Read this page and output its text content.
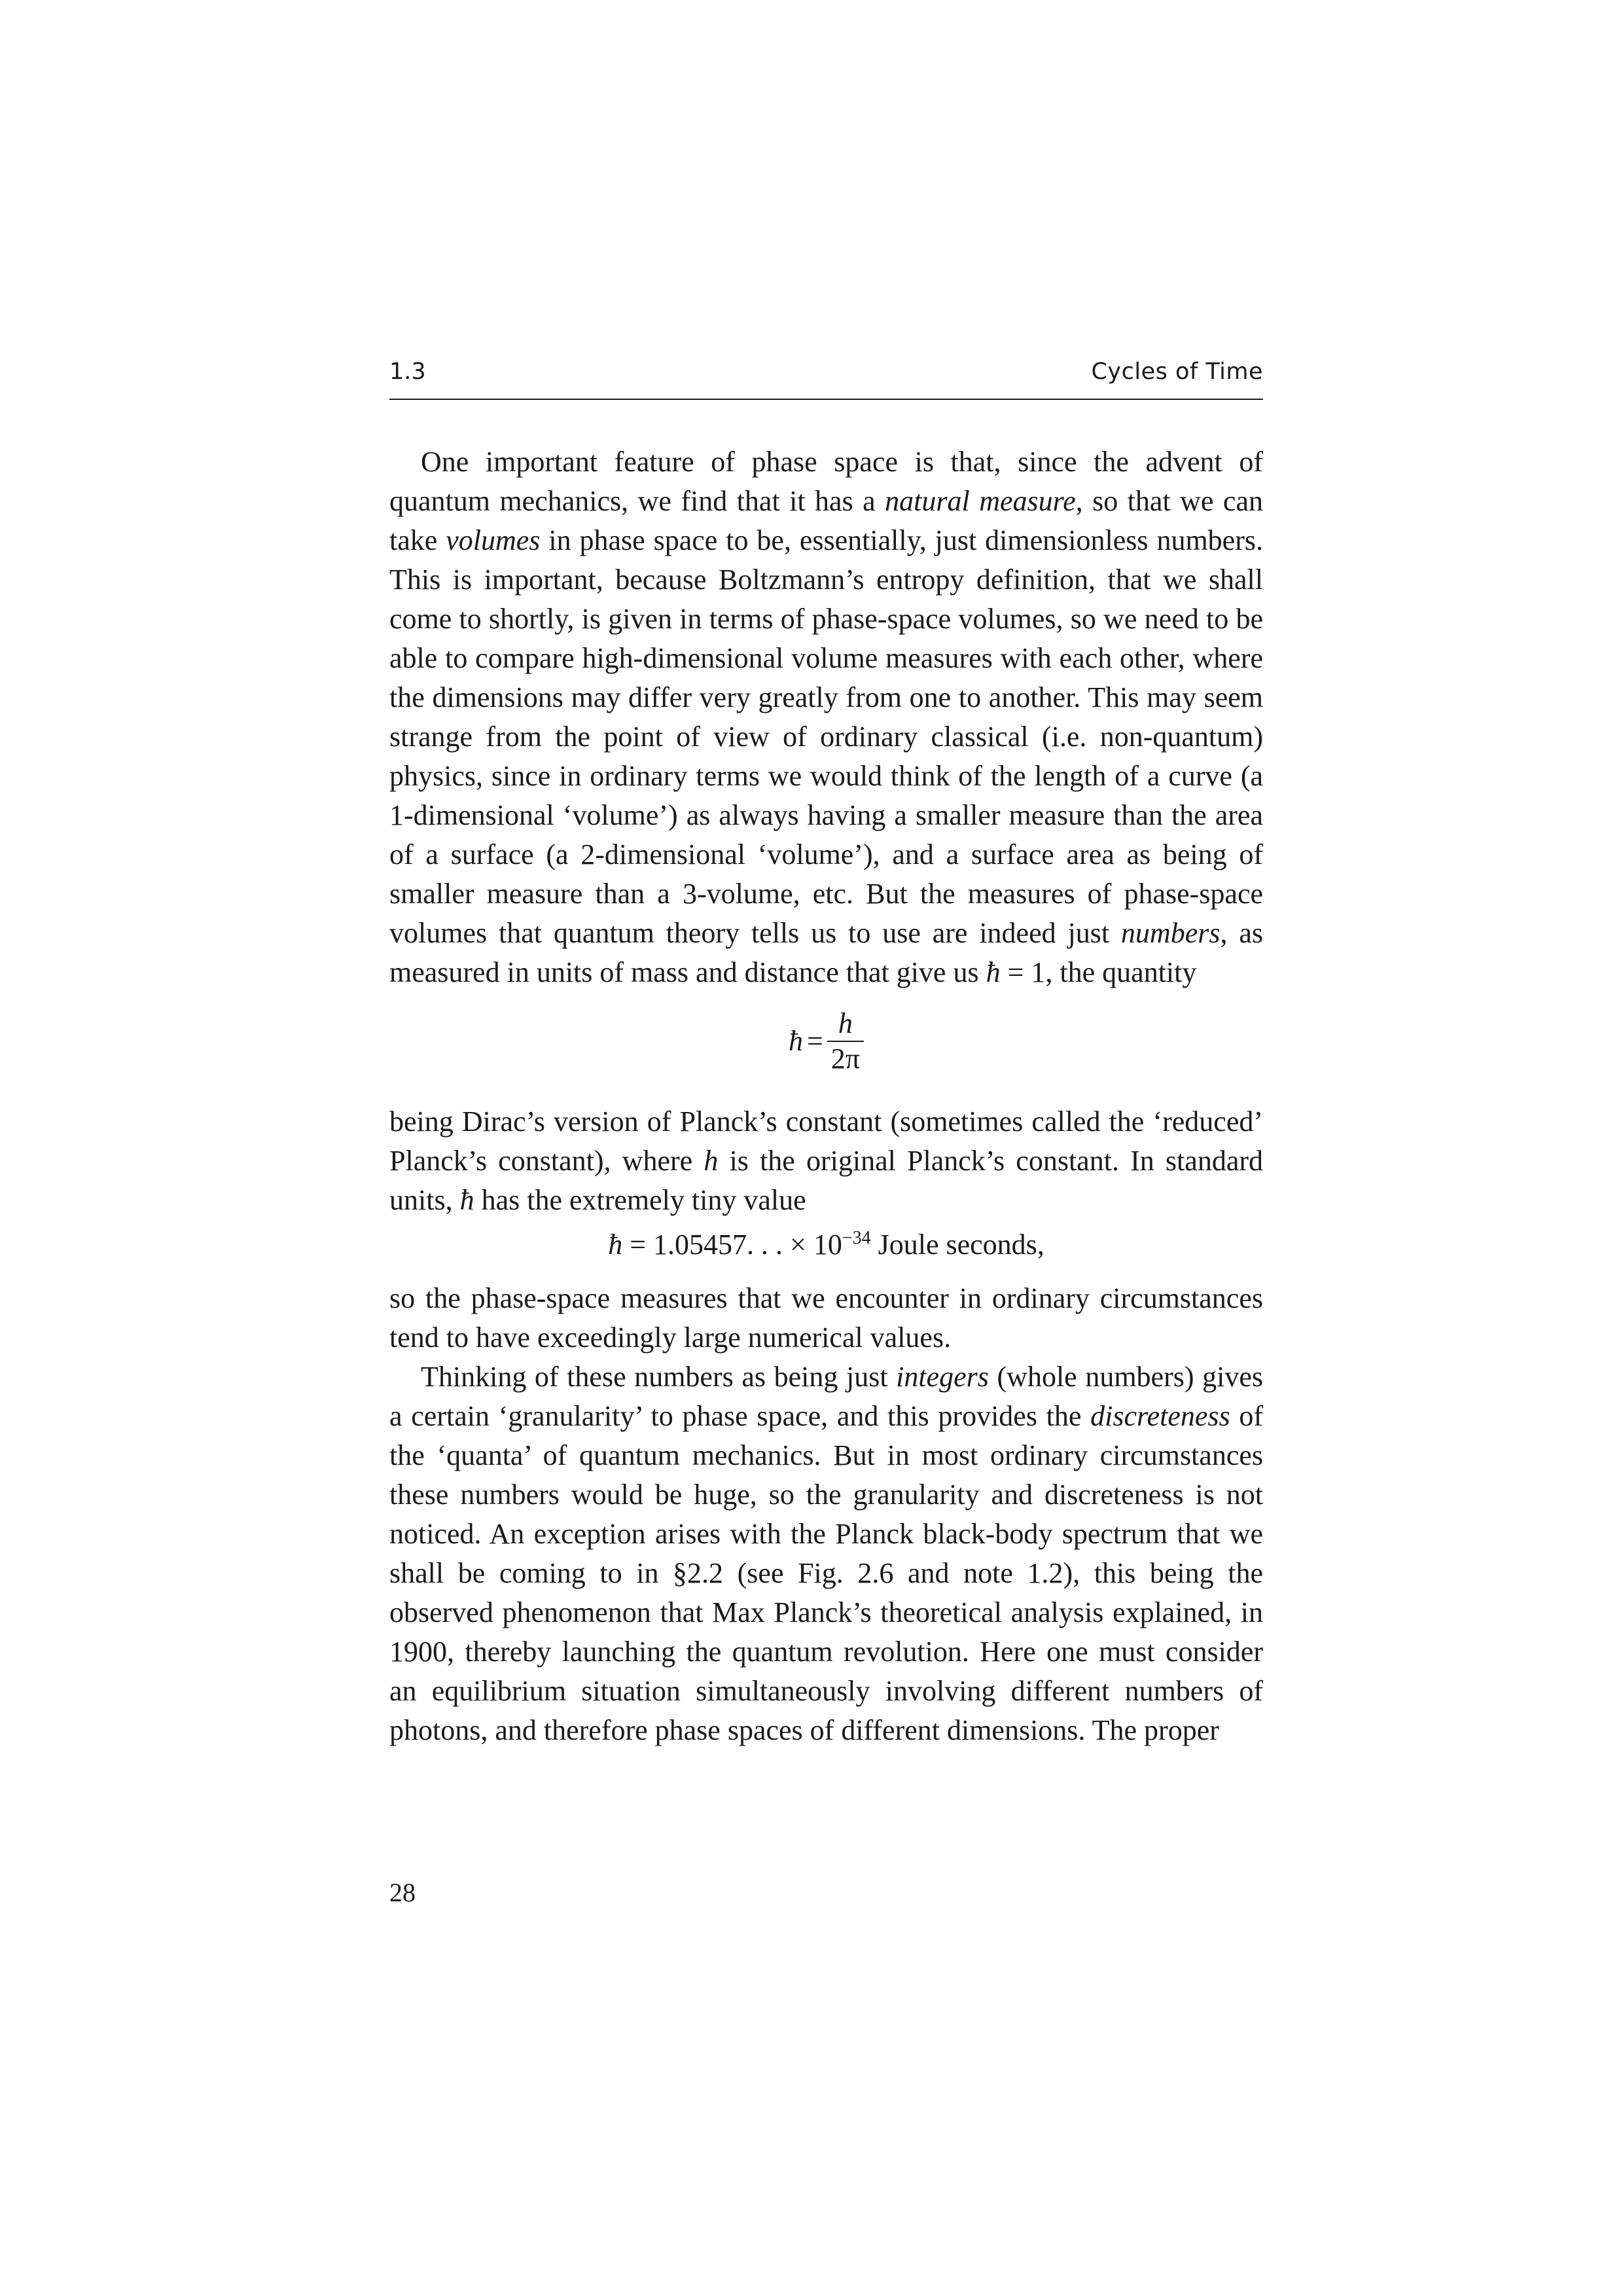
1.3	Cycles of Time

One important feature of phase space is that, since the advent of quantum mechanics, we find that it has a natural measure, so that we can take volumes in phase space to be, essentially, just dimensionless numbers. This is important, because Boltzmann’s entropy definition, that we shall come to shortly, is given in terms of phase-space volumes, so we need to be able to compare high-dimensional volume measures with each other, where the dimensions may differ very greatly from one to another. This may seem strange from the point of view of ordinary classical (i.e. non-quantum) physics, since in ordinary terms we would think of the length of a curve (a 1-dimensional ‘volume’) as always having a smaller measure than the area of a surface (a 2-dimensional ‘volume’), and a surface area as being of smaller measure than a 3-volume, etc. But the measures of phase-space volumes that quantum theory tells us to use are indeed just numbers, as measured in units of mass and distance that give us ħ = 1, the quantity

ħ = $\frac{h}{2\pi}$

being Dirac’s version of Planck’s constant (sometimes called the ‘reduced’ Planck’s constant), where h is the original Planck’s constant. In standard units, ħ has the extremely tiny value

ħ = 1.05457. . . × $10^{-34}$ Joule seconds,

so the phase-space measures that we encounter in ordinary circumstances tend to have exceedingly large numerical values.

Thinking of these numbers as being just integers (whole numbers) gives a certain ‘granularity’ to phase space, and this provides the discreteness of the ‘quanta’ of quantum mechanics. But in most ordinary circumstances these numbers would be huge, so the granularity and discreteness is not noticed. An exception arises with the Planck black-body spectrum that we shall be coming to in §2.2 (see Fig. 2.6 and note 1.2), this being the observed phenomenon that Max Planck’s theoretical analysis explained, in 1900, thereby launching the quantum revolution. Here one must consider an equilibrium situation simultaneously involving different numbers of photons, and therefore phase spaces of different dimensions. The proper

28
